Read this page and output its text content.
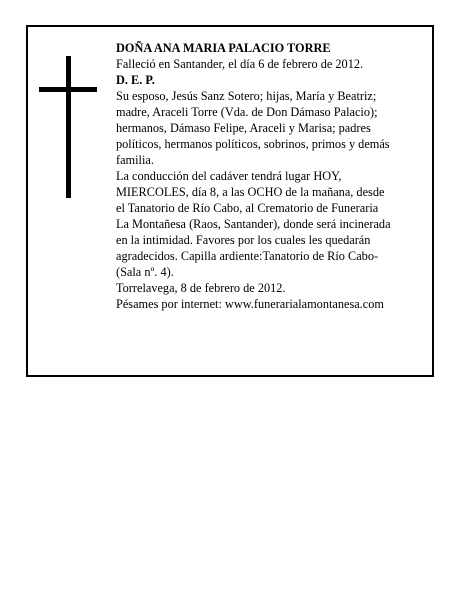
DOÑA ANA MARIA PALACIO TORRE
Falleció en Santander, el día 6 de febrero de 2012.
D. E. P.
Su esposo, Jesús Sanz Sotero; hijas, María y Beatriz;
madre, Araceli Torre (Vda. de Don Dámaso Palacio);
hermanos, Dámaso Felipe, Araceli y Marisa; padres
políticos, hermanos políticos, sobrinos, primos y demás
familia.
La conducción del cadáver tendrá lugar HOY,
MIERCOLES, día 8, a las OCHO de la mañana, desde
el Tanatorio de Río Cabo, al Crematorio de Funeraria
La Montañesa (Raos, Santander), donde será incinerada
en la intimidad. Favores por los cuales les quedarán
agradecidos. Capilla ardiente:Tanatorio de Río Cabo-
(Sala nº. 4).
Torrelavega, 8 de febrero de 2012.
Pésames por internet: www.funerarialamontanesa.com
